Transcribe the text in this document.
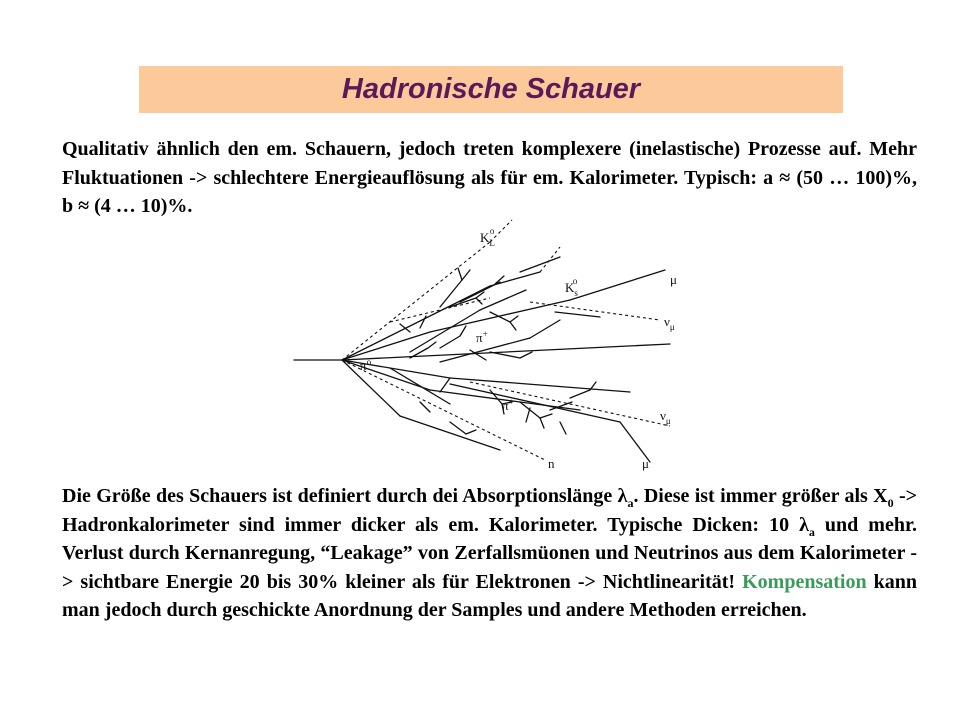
Hadronische Schauer
Qualitativ ähnlich den em. Schauern, jedoch treten komplexere (inelastische) Prozesse auf. Mehr Fluktuationen -> schlechtere Energieauflösung als für em. Kalorimeter. Typisch: a ≈ (50 … 100)%, b ≈ (4 … 10)%.
$K_Lo$
$K_so$	μ
$\nu_\mu$
π+
$\pi^o$
π+
$\nu_\mu$
n	μ
Die Größe des Schauers ist definiert durch dei Absorptionslänge $\lambda_a$. Diese ist immer größer als $X_0$ -> Hadronkalorimeter sind immer dicker als em. Kalorimeter. Typische Dicken: 10 $\lambda_a$ und mehr. Verlust durch Kernanregung, “Leakage” von Zerfallsmüonen und Neutrinos aus dem Kalorimeter -> sichtbare Energie 20 bis 30% kleiner als für Elektronen -> Nichtlinearität! Kompensation kann man jedoch durch geschickte Anordnung der Samples und andere Methoden erreichen.
